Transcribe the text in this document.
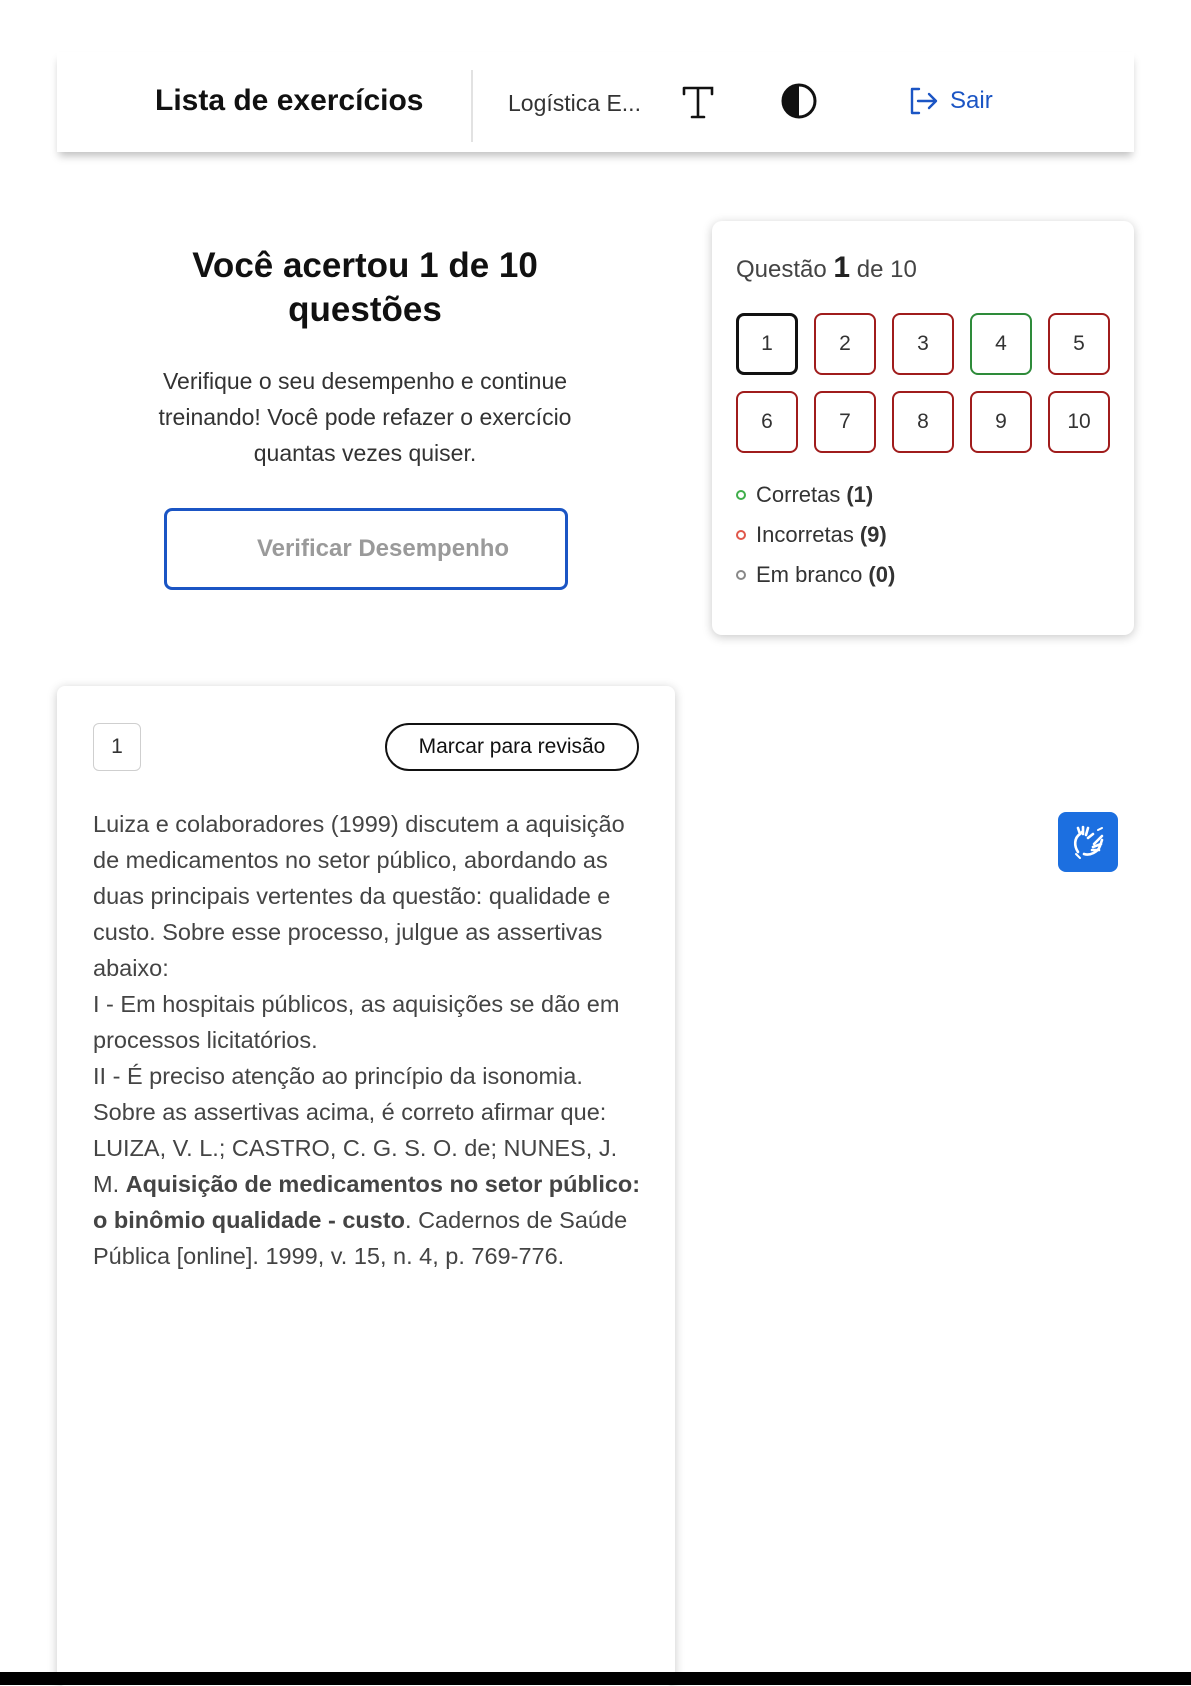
Lista de exercícios	Logística E...	Sair
Você acertou 1 de 10 questões
Verifique o seu desempenho e continue treinando! Você pode refazer o exercício quantas vezes quiser.
Verificar Desempenho
Questão 1 de 10
1	2	3	4	5
6	7	8	9	10
Corretas (1)
Incorretas (9)
Em branco (0)
1	Marcar para revisão

Luiza e colaboradores (1999) discutem a aquisição de medicamentos no setor público, abordando as duas principais vertentes da questão: qualidade e custo. Sobre esse processo, julgue as assertivas abaixo:

I - Em hospitais públicos, as aquisições se dão em processos licitatórios.

II - É preciso atenção ao princípio da isonomia.

Sobre as assertivas acima, é correto afirmar que:

LUIZA, V. L.; CASTRO, C. G. S. O. de; NUNES, J. M. Aquisição de medicamentos no setor público: o binômio qualidade - custo. Cadernos de Saúde Pública [online]. 1999, v. 15, n. 4, p. 769-776.
